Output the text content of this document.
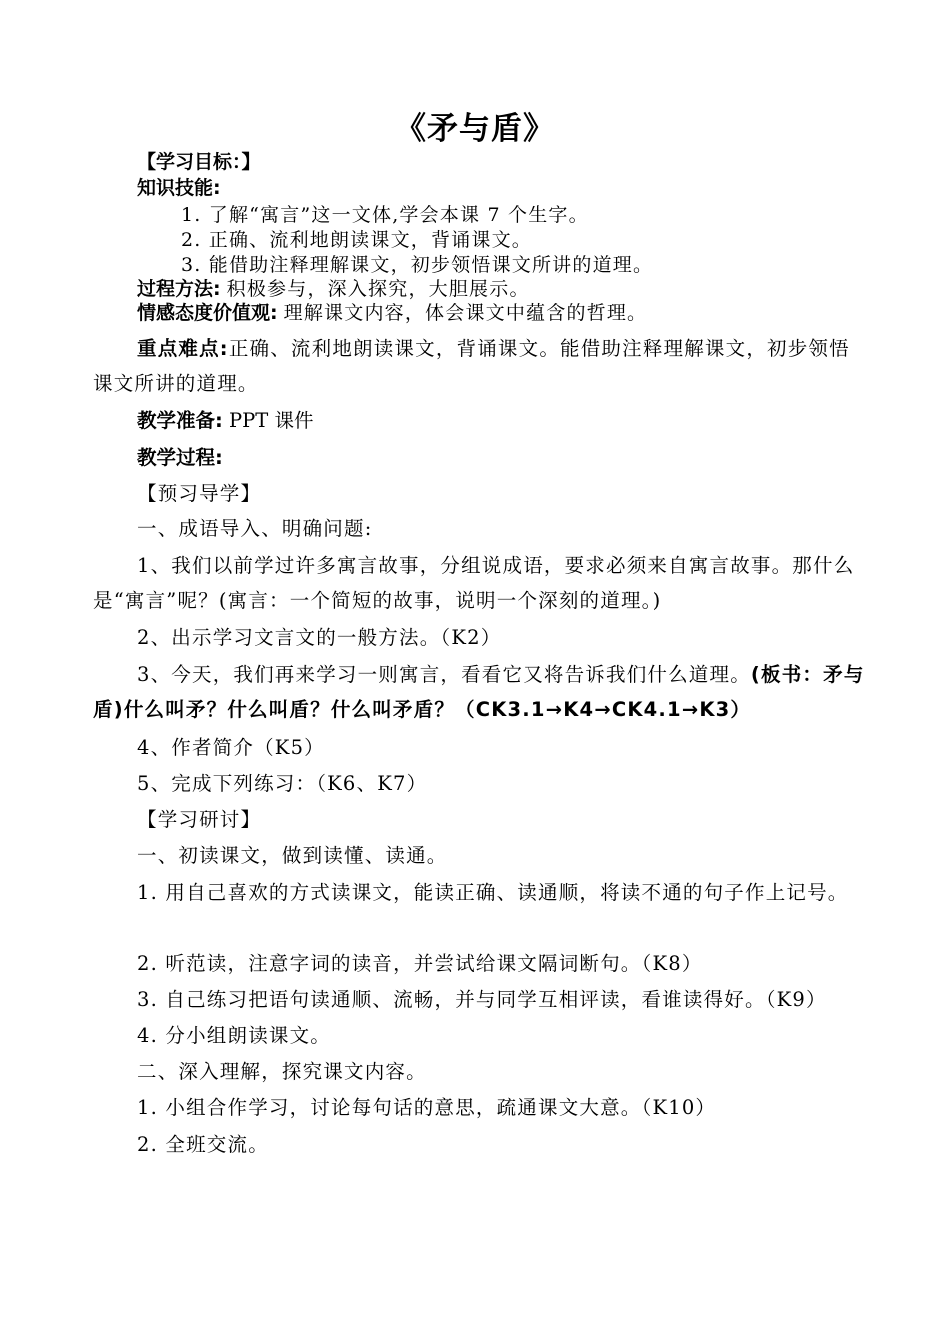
《矛与盾》
【学习目标：】
知识技能:
1. 了解“寓言”这一文体,学会本课 7 个生字。
2. 正确、流利地朗读课文，背诵课文。
3. 能借助注释理解课文，初步领悟课文所讲的道理。
过程方法: 积极参与，深入探究，大胆展示。
情感态度价值观: 理解课文内容，体会课文中蕴含的哲理。
重点难点:正确、流利地朗读课文，背诵课文。能借助注释理解课文，初步领悟课文所讲的道理。
教学准备: PPT 课件
教学过程:
【预习导学】
一、成语导入、明确问题:
1、我们以前学过许多寓言故事，分组说成语，要求必须来自寓言故事。那什么是“寓言”呢？(寓言：一个简短的故事，说明一个深刻的道理。)
2、出示学习文言文的一般方法。（K2）
3、今天，我们再来学习一则寓言，看看它又将告诉我们什么道理。(板书：矛与盾)什么叫矛？什么叫盾？什么叫矛盾？（CK3.1→K4→CK4.1→K3）
4、作者简介（K5）
5、完成下列练习：（K6、K7）
【学习研讨】
一、初读课文，做到读懂、读通。
1. 用自己喜欢的方式读课文，能读正确、读通顺，将读不通的句子作上记号。
2. 听范读，注意字词的读音，并尝试给课文隔词断句。（K8）
3. 自己练习把语句读通顺、流畅，并与同学互相评读，看谁读得好。（K9）
4. 分小组朗读课文。
二、深入理解，探究课文内容。
1. 小组合作学习，讨论每句话的意思，疏通课文大意。（K10）
2. 全班交流。
